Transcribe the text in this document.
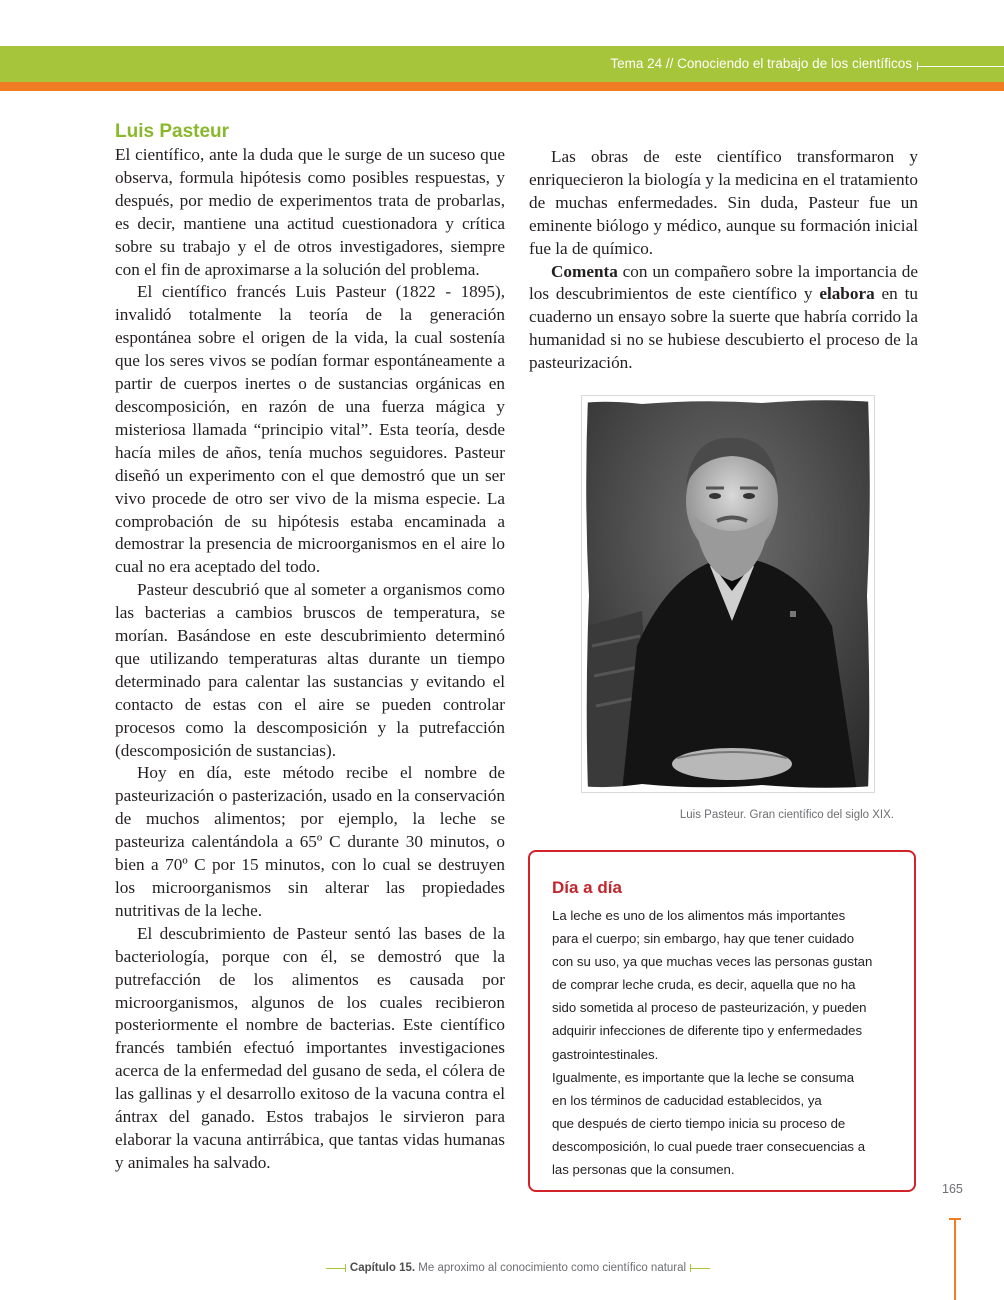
Tema 24 // Conociendo el trabajo de los científicos
Luis Pasteur

El científico, ante la duda que le surge de un suceso que observa, formula hipótesis como posibles respuestas, y después, por medio de experimentos trata de probarlas, es decir, mantiene una actitud cuestionadora y crítica sobre su trabajo y el de otros investigadores, siempre con el fin de aproximarse a la solución del problema.

El científico francés Luis Pasteur (1822 - 1895), invalidó totalmente la teoría de la generación espontánea sobre el origen de la vida, la cual sostenía que los seres vivos se podían formar espontáneamente a partir de cuerpos inertes o de sustancias orgánicas en descomposición, en razón de una fuerza mágica y misteriosa llamada “principio vital”. Esta teoría, desde hacía miles de años, tenía muchos seguidores. Pasteur diseñó un experimento con el que demostró que un ser vivo procede de otro ser vivo de la misma especie. La comprobación de su hipótesis estaba encaminada a demostrar la presencia de microorganismos en el aire lo cual no era aceptado del todo.

Pasteur descubrió que al someter a organismos como las bacterias a cambios bruscos de temperatura, se morían. Basándose en este descubrimiento determinó que utilizando temperaturas altas durante un tiempo determinado para calentar las sustancias y evitando el contacto de estas con el aire se pueden controlar procesos como la descomposición y la putrefacción (descomposición de sustancias).

Hoy en día, este método recibe el nombre de pasteurización o pasterización, usado en la conservación de muchos alimentos; por ejemplo, la leche se pasteuriza calentándola a 65º C durante 30 minutos, o bien a 70º C por 15 minutos, con lo cual se destruyen los microorganismos sin alterar las propiedades nutritivas de la leche.

El descubrimiento de Pasteur sentó las bases de la bacteriología, porque con él, se demostró que la putrefacción de los alimentos es causada por microorganismos, algunos de los cuales recibieron posteriormente el nombre de bacterias. Este científico francés también efectuó importantes investigaciones acerca de la enfermedad del gusano de seda, el cólera de las gallinas y el desarrollo exitoso de la vacuna contra el ántrax del ganado. Estos trabajos le sirvieron para elaborar la vacuna antirrábica, que tantas vidas humanas y animales ha salvado.

Las obras de este científico transformaron y enriquecieron la biología y la medicina en el tratamiento de muchas enfermedades. Sin duda, Pasteur fue un eminente biólogo y médico, aunque su formación inicial fue la de químico.

Comenta con un compañero sobre la importancia de los descubrimientos de este científico y elabora en tu cuaderno un ensayo sobre la suerte que habría corrido la humanidad si no se hubiese descubierto el proceso de la pasteurización.

Luis Pasteur. Gran científico del siglo XIX.
Día a día
La leche es uno de los alimentos más importantes
para el cuerpo; sin embargo, hay que tener cuidado
con su uso, ya que muchas veces las personas gustan
de comprar leche cruda, es decir, aquella que no ha
sido sometida al proceso de pasteurización, y pueden
adquirir infecciones de diferente tipo y enfermedades
gastrointestinales.
Igualmente, es importante que la leche se consuma
en los términos de caducidad establecidos, ya
que después de cierto tiempo inicia su proceso de
descomposición, lo cual puede traer consecuencias a
las personas que la consumen.
165
Capítulo 15. Me aproximo al conocimiento como científico natural
